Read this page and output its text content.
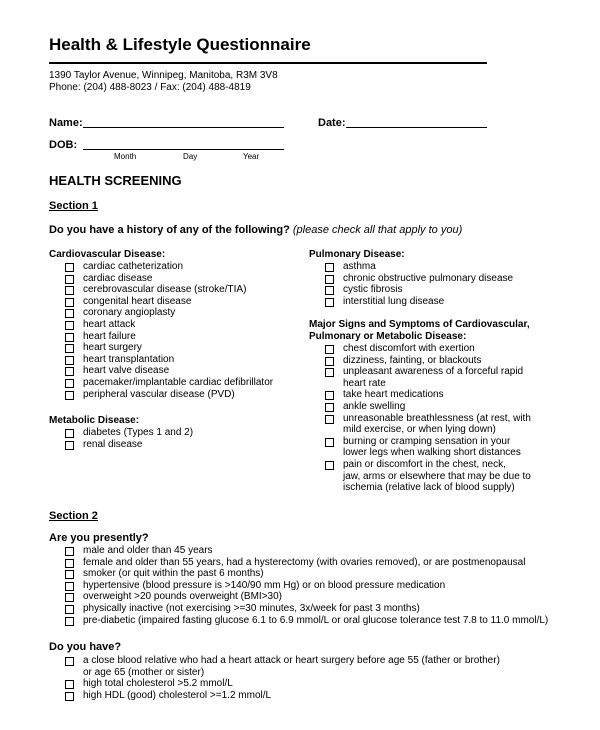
Health & Lifestyle Questionnaire
1390 Taylor Avenue, Winnipeg, Manitoba, R3M 3V8
Phone: (204) 488-8023 / Fax: (204) 488-4819
Name:	Date:
DOB:
Month	Day	Year
HEALTH SCREENING
Section 1
Do you have a history of any of the following? (please check all that apply to you)
Cardiovascular Disease:
cardiac catheterization
cardiac disease
cerebrovascular disease (stroke/TIA)
congenital heart disease
coronary angioplasty
heart attack
heart failure
heart surgery
heart transplantation
heart valve disease
pacemaker/implantable cardiac defibrillator
peripheral vascular disease (PVD)
Metabolic Disease:
diabetes (Types 1 and 2)
renal disease
Pulmonary Disease:
asthma
chronic obstructive pulmonary disease
cystic fibrosis
interstitial lung disease
Major Signs and Symptoms of Cardiovascular,
Pulmonary or Metabolic Disease:
chest discomfort with exertion
dizziness, fainting, or blackouts
unpleasant awareness of a forceful rapid
heart rate
take heart medications
ankle swelling
unreasonable breathlessness (at rest, with
mild exercise, or when lying down)
burning or cramping sensation in your
lower legs when walking short distances
pain or discomfort in the chest, neck,
jaw, arms or elsewhere that may be due to
ischemia (relative lack of blood supply)
Section 2
Are you presently?
male and older than 45 years
female and older than 55 years, had a hysterectomy (with ovaries removed), or are postmenopausal
smoker (or quit within the past 6 months)
hypertensive (blood pressure is >140/90 mm Hg) or on blood pressure medication
overweight >20 pounds overweight (BMI>30)
physically inactive (not exercising >=30 minutes, 3x/week for past 3 months)
pre-diabetic (impaired fasting glucose 6.1 to 6.9 mmol/L or oral glucose tolerance test 7.8 to 11.0 mmol/L)
Do you have?
a close blood relative who had a heart attack or heart surgery before age 55 (father or brother)
or age 65 (mother or sister)
high total cholesterol >5.2 mmol/L
high HDL (good) cholesterol >=1.2 mmol/L
